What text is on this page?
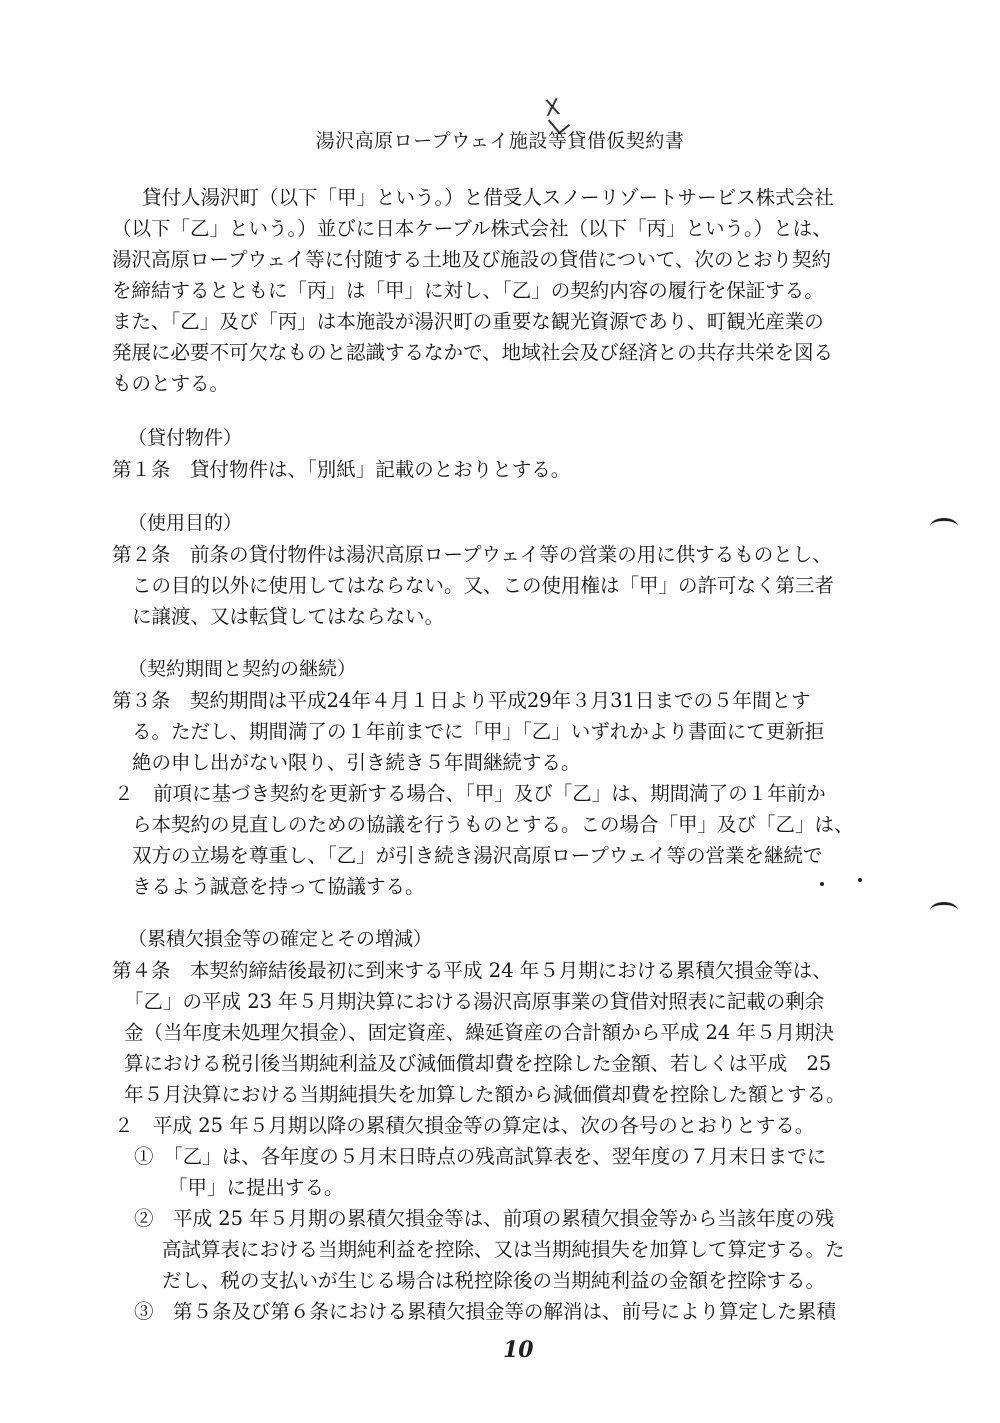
X
湯沢高原ロープウェイ施設等貸借仮契約書
貸付人湯沢町（以下「甲」という。）と借受人スノーリゾートサービス株式会社
（以下「乙」という。）並びに日本ケーブル株式会社（以下「丙」という。）とは、
湯沢高原ロープウェイ等に付随する土地及び施設の貸借について、次のとおり契約
を締結するとともに「丙」は「甲」に対し、「乙」の契約内容の履行を保証する。
また、「乙」及び「丙」は本施設が湯沢町の重要な観光資源であり、町観光産業の
発展に必要不可欠なものと認識するなかで、地域社会及び経済との共存共栄を図る
ものとする。
（貸付物件）
第１条　貸付物件は、「別紙」記載のとおりとする。
（使用目的）
第２条　前条の貸付物件は湯沢高原ロープウェイ等の営業の用に供するものとし、
この目的以外に使用してはならない。又、この使用権は「甲」の許可なく第三者
に譲渡、又は転貸してはならない。
（契約期間と契約の継続）
第３条　契約期間は平成24年４月１日より平成29年３月31日までの５年間とす
る。ただし、期間満了の１年前までに「甲」「乙」いずれかより書面にて更新拒
絶の申し出がない限り、引き続き５年間継続する。
２　前項に基づき契約を更新する場合、「甲」及び「乙」は、期間満了の１年前か
ら本契約の見直しのための協議を行うものとする。この場合「甲」及び「乙」は、
双方の立場を尊重し、「乙」が引き続き湯沢高原ロープウェイ等の営業を継続で
きるよう誠意を持って協議する。
（累積欠損金等の確定とその増減）
第４条　本契約締結後最初に到来する平成 24 年５月期における累積欠損金等は、
「乙」の平成 23 年５月期決算における湯沢高原事業の貸借対照表に記載の剰余
金（当年度未処理欠損金）、固定資産、繰延資産の合計額から平成 24 年５月期決
算における税引後当期純利益及び減価償却費を控除した金額、若しくは平成　25
年５月決算における当期純損失を加算した額から減価償却費を控除した額とする。
２　平成 25 年５月期以降の累積欠損金等の算定は、次の各号のとおりとする。
①　「乙」は、各年度の５月末日時点の残高試算表を、翌年度の７月末日までに
「甲」に提出する。
②　平成 25 年５月期の累積欠損金等は、前項の累積欠損金等から当該年度の残
高試算表における当期純利益を控除、又は当期純損失を加算して算定する。た
だし、税の支払いが生じる場合は税控除後の当期純利益の金額を控除する。
③　第５条及び第６条における累積欠損金等の解消は、前号により算定した累積
10
